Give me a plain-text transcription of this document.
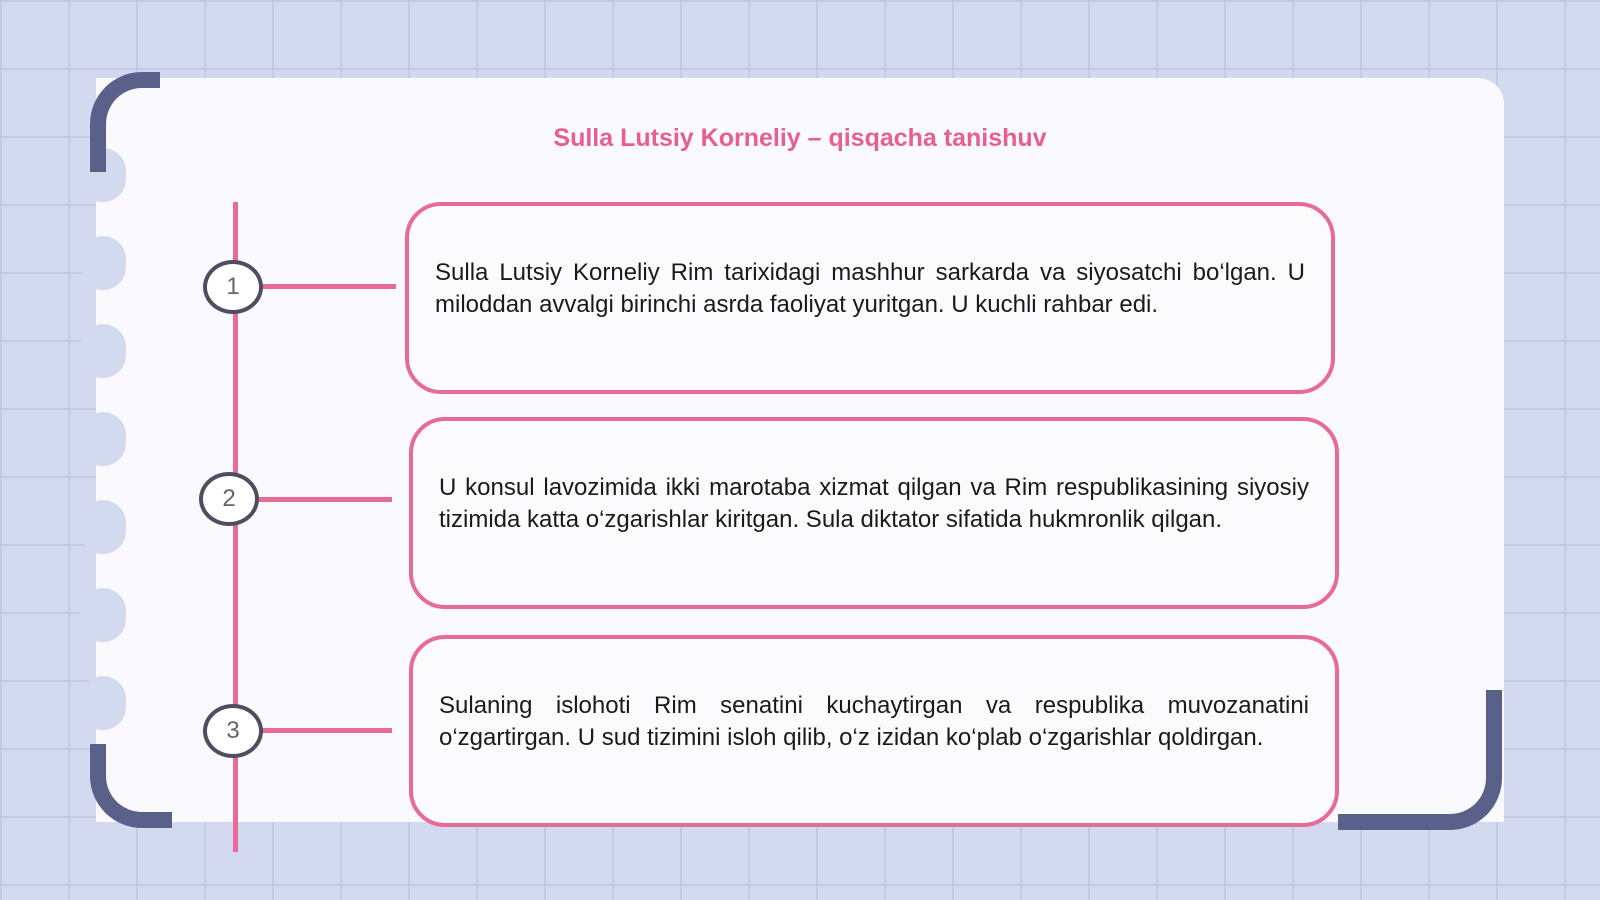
Sulla Lutsiy Korneliy – qisqacha tanishuv
1
2
3

Sulla Lutsiy Korneliy Rim tarixidagi mashhur sarkarda va siyosatchi bo‘lgan. U miloddan avvalgi birinchi asrda faoliyat yuritgan. U kuchli rahbar edi.

U konsul lavozimida ikki marotaba xizmat qilgan va Rim respublikasining siyosiy tizimida katta o‘zgarishlar kiritgan. Sula diktator sifatida hukmronlik qilgan.

Sulaning islohoti Rim senatini kuchaytirgan va respublika muvozanatini o‘zgartirgan. U sud tizimini isloh qilib, o‘z izidan ko‘plab o‘zgarishlar qoldirgan.
